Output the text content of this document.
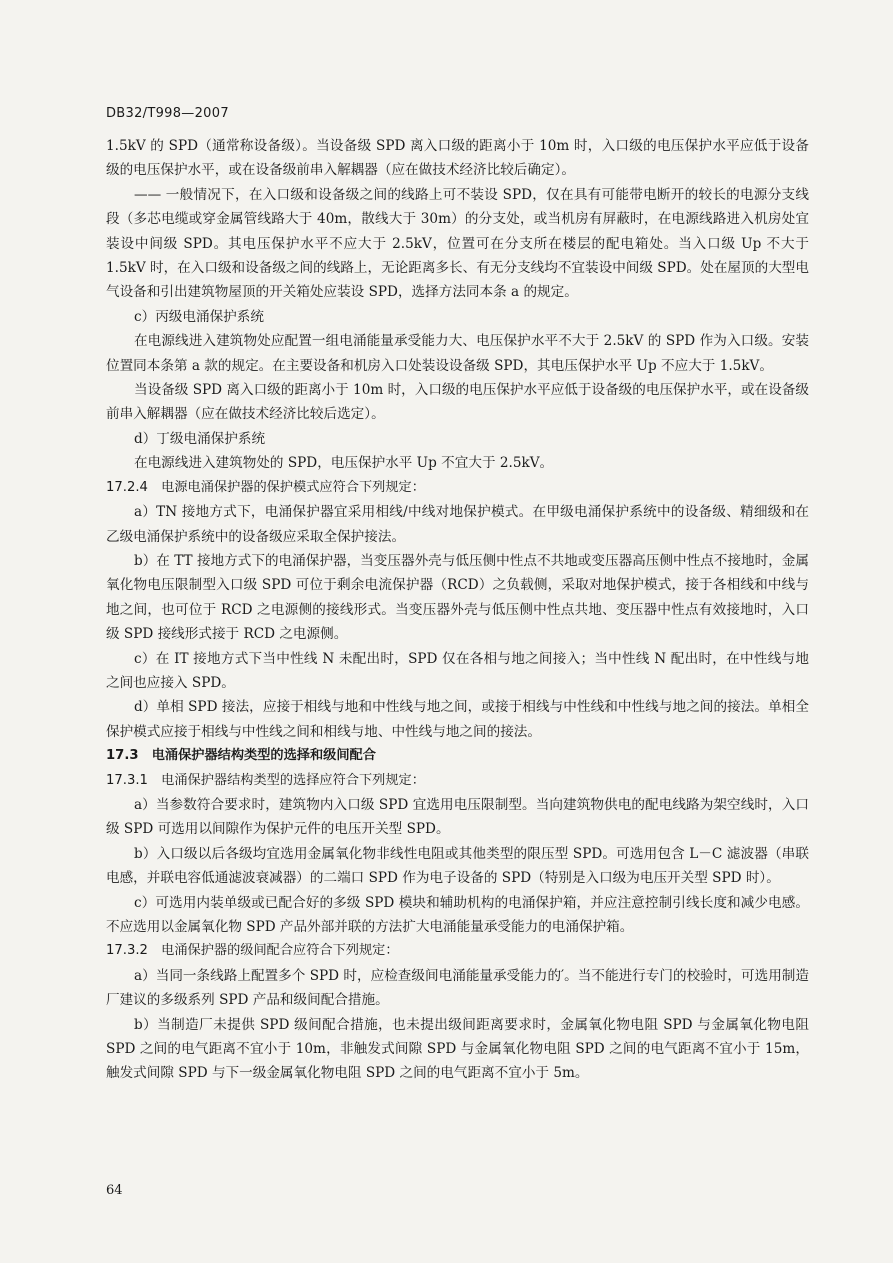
DB32/T998—2007

1.5kV 的 SPD（通常称设备级）。当设备级 SPD 离入口级的距离小于 10m 时，入口级的电压保护水平应低于设备级的电压保护水平，或在设备级前串入解耦器（应在做技术经济比较后确定）。

—— 一般情况下，在入口级和设备级之间的线路上可不装设 SPD，仅在具有可能带电断开的较长的电源分支线段（多芯电缆或穿金属管线路大于 40m，散线大于 30m）的分支处，或当机房有屏蔽时，在电源线路进入机房处宜装设中间级 SPD。其电压保护水平不应大于 2.5kV，位置可在分支所在楼层的配电箱处。当入口级 Up 不大于 1.5kV 时，在入口级和设备级之间的线路上，无论距离多长、有无分支线均不宜装设中间级 SPD。处在屋顶的大型电气设备和引出建筑物屋顶的开关箱处应装设 SPD，选择方法同本条 a 的规定。

c）丙级电涌保护系统

在电源线进入建筑物处应配置一组电涌能量承受能力大、电压保护水平不大于 2.5kV 的 SPD 作为入口级。安装位置同本条第 a 款的规定。在主要设备和机房入口处装设设备级 SPD，其电压保护水平 Up 不应大于 1.5kV。

当设备级 SPD 离入口级的距离小于 10m 时，入口级的电压保护水平应低于设备级的电压保护水平，或在设备级前串入解耦器（应在做技术经济比较后选定）。

d）丁级电涌保护系统

在电源线进入建筑物处的 SPD，电压保护水平 Up 不宜大于 2.5kV。

17.2.4　电源电涌保护器的保护模式应符合下列规定：

a）TN 接地方式下，电涌保护器宜采用相线/中线对地保护模式。在甲级电涌保护系统中的设备级、精细级和在乙级电涌保护系统中的设备级应采取全保护接法。

b）在 TT 接地方式下的电涌保护器，当变压器外壳与低压侧中性点不共地或变压器高压侧中性点不接地时，金属氧化物电压限制型入口级 SPD 可位于剩余电流保护器（RCD）之负载侧，采取对地保护模式，接于各相线和中线与地之间，也可位于 RCD 之电源侧的接线形式。当变压器外壳与低压侧中性点共地、变压器中性点有效接地时，入口级 SPD 接线形式接于 RCD 之电源侧。

c）在 IT 接地方式下当中性线 N 未配出时，SPD 仅在各相与地之间接入；当中性线 N 配出时，在中性线与地之间也应接入 SPD。

d）单相 SPD 接法，应接于相线与地和中性线与地之间，或接于相线与中性线和中性线与地之间的接法。单相全保护模式应接于相线与中性线之间和相线与地、中性线与地之间的接法。

17.3　电涌保护器结构类型的选择和级间配合

17.3.1　电涌保护器结构类型的选择应符合下列规定：

a）当参数符合要求时，建筑物内入口级 SPD 宜选用电压限制型。当向建筑物供电的配电线路为架空线时，入口级 SPD 可选用以间隙作为保护元件的电压开关型 SPD。

b）入口级以后各级均宜选用金属氧化物非线性电阻或其他类型的限压型 SPD。可选用包含 L－C 滤波器（串联电感，并联电容低通滤波衰减器）的二端口 SPD 作为电子设备的 SPD（特别是入口级为电压开关型 SPD 时）。

c）可选用内装单级或已配合好的多级 SPD 模块和辅助机构的电涌保护箱，并应注意控制引线长度和减少电感。不应选用以金属氧化物 SPD 产品外部并联的方法扩大电涌能量承受能力的电涌保护箱。

17.3.2　电涌保护器的级间配合应符合下列规定：

a）当同一条线路上配置多个 SPD 时，应检查级间电涌能量承受能力的′。当不能进行专门的校验时，可选用制造厂建议的多级系列 SPD 产品和级间配合措施。

b）当制造厂未提供 SPD 级间配合措施，也未提出级间距离要求时，金属氧化物电阻 SPD 与金属氧化物电阻 SPD 之间的电气距离不宜小于 10m，非触发式间隙 SPD 与金属氧化物电阻 SPD 之间的电气距离不宜小于 15m，触发式间隙 SPD 与下一级金属氧化物电阻 SPD 之间的电气距离不宜小于 5m。

64
